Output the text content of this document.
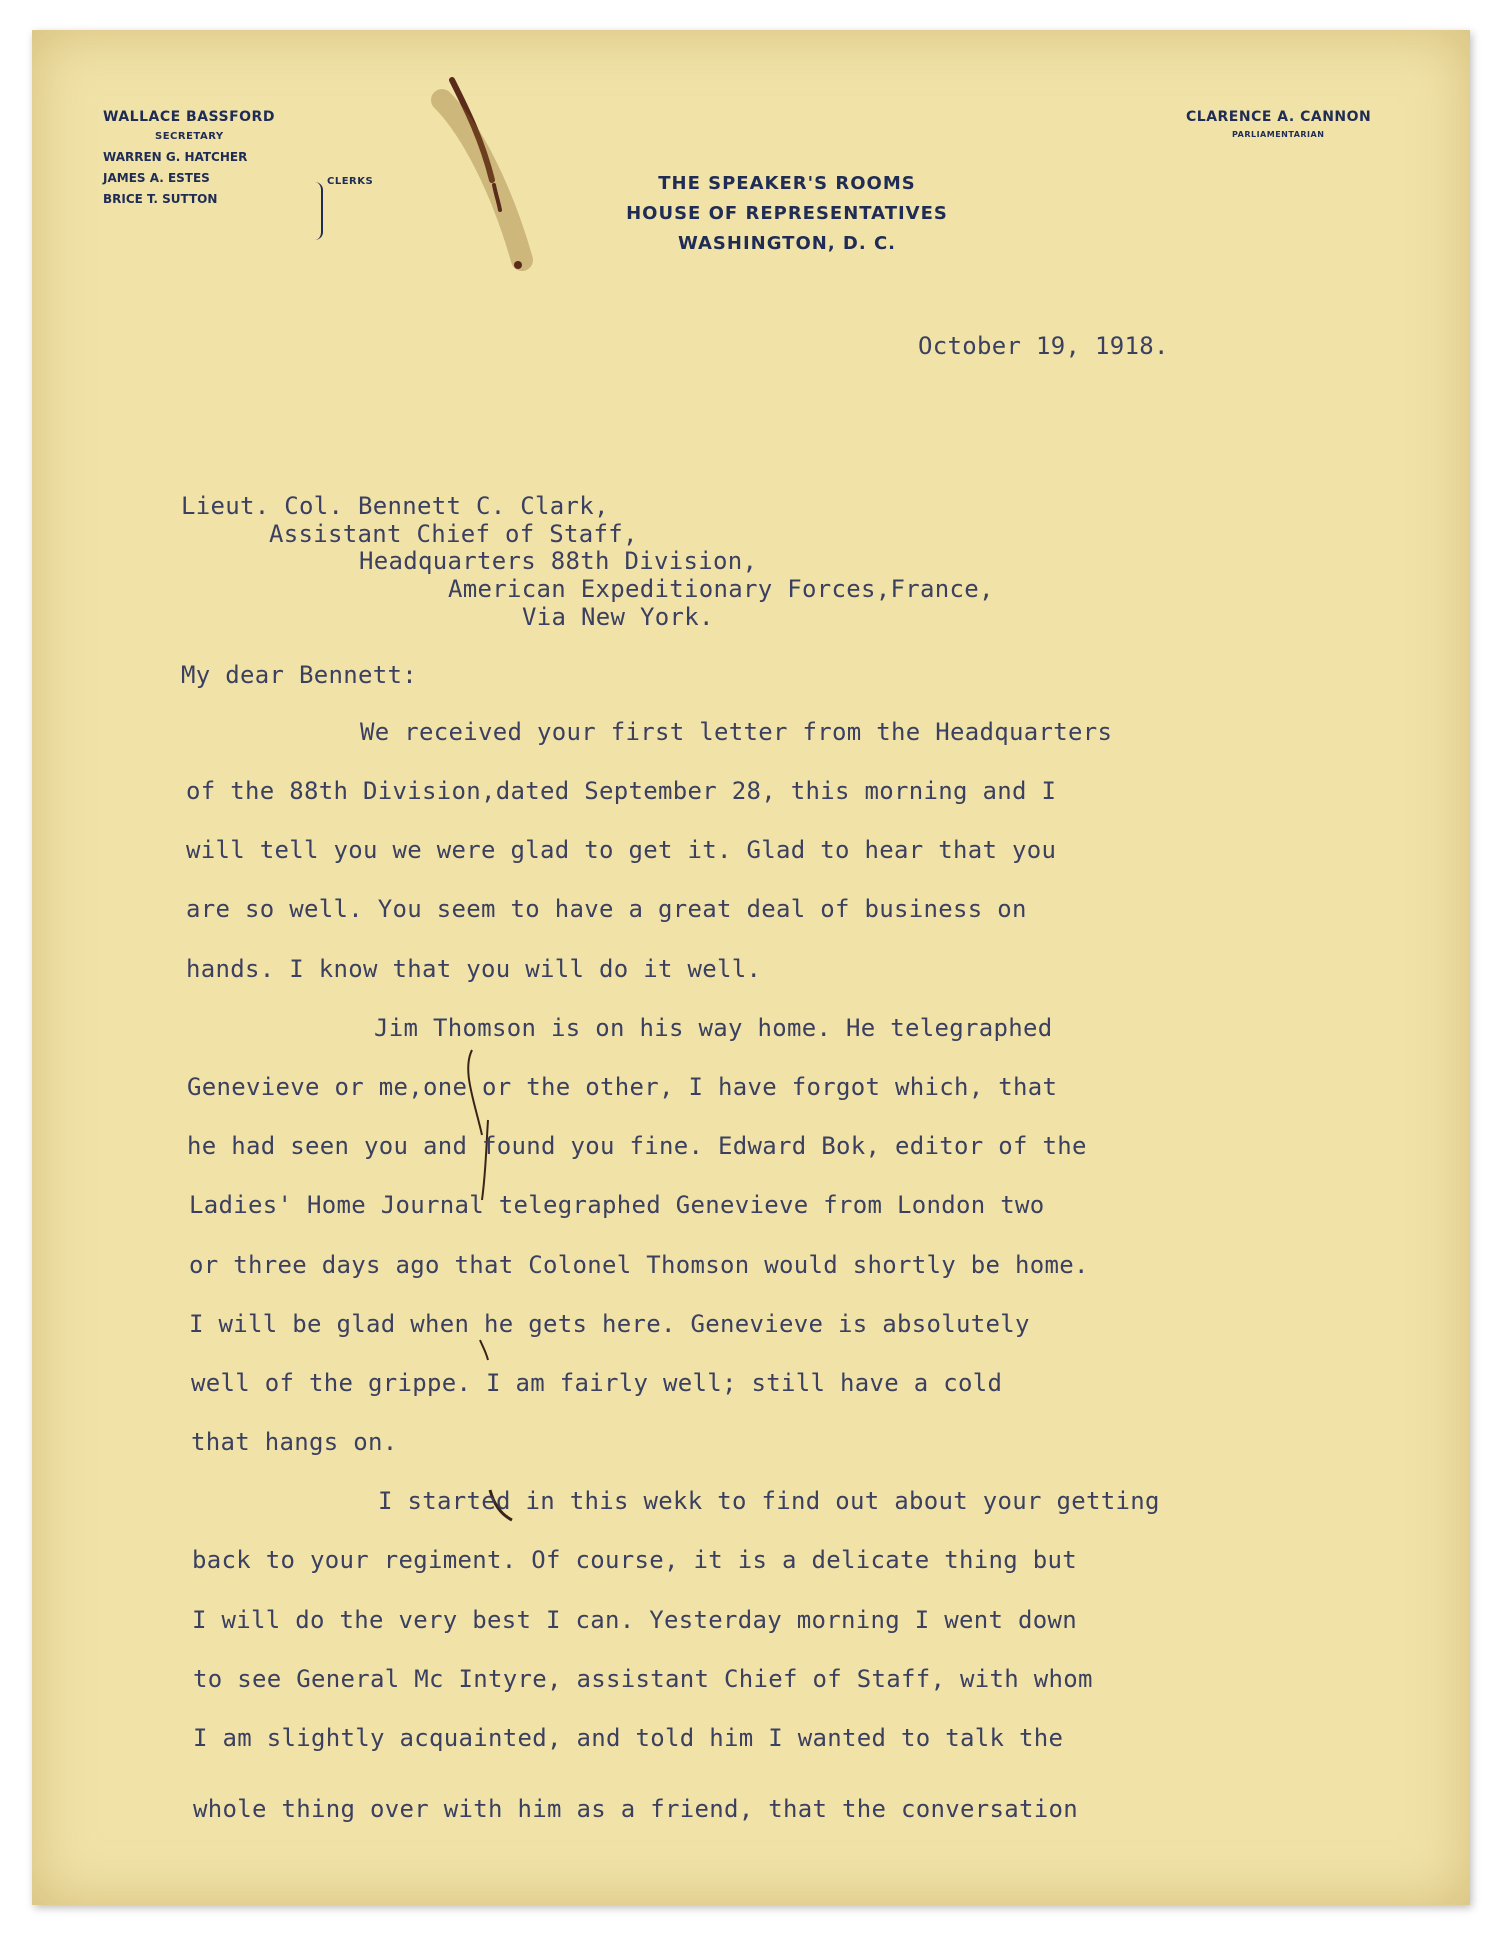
WALLACE BASSFORD
SECRETARY
WARREN G. HATCHER
JAMES A. ESTES
BRICE T. SUTTON
CLERKS
CLARENCE A. CANNON
PARLIAMENTARIAN
THE SPEAKER'S ROOMS
HOUSE OF REPRESENTATIVES
WASHINGTON, D. C.
October 19, 1918.
Lieut. Col. Bennett C. Clark,
Assistant Chief of Staff,
Headquarters 88th Division,
American Expeditionary Forces,France,
Via New York.
My dear Bennett:
We received your first letter from the Headquarters
of the 88th Division,dated September 28, this morning and I
will tell you we were glad to get it. Glad to hear that you
are so well. You seem to have a great deal of business on
hands. I know that you will do it well.
Jim Thomson is on his way home. He telegraphed
Genevieve or me,one or the other, I have forgot which, that
he had seen you and found you fine. Edward Bok, editor of the
Ladies' Home Journal telegraphed Genevieve from London two
or three days ago that Colonel Thomson would shortly be home.
I will be glad when he gets here. Genevieve is absolutely
well of the grippe. I am fairly well; still have a cold
that hangs on.
I started in this wekk to find out about your getting
back to your regiment. Of course, it is a delicate thing but
I will do the very best I can. Yesterday morning I went down
to see General Mc Intyre, assistant Chief of Staff, with whom
I am slightly acquainted, and told him I wanted to talk the
whole thing over with him as a friend, that the conversation
